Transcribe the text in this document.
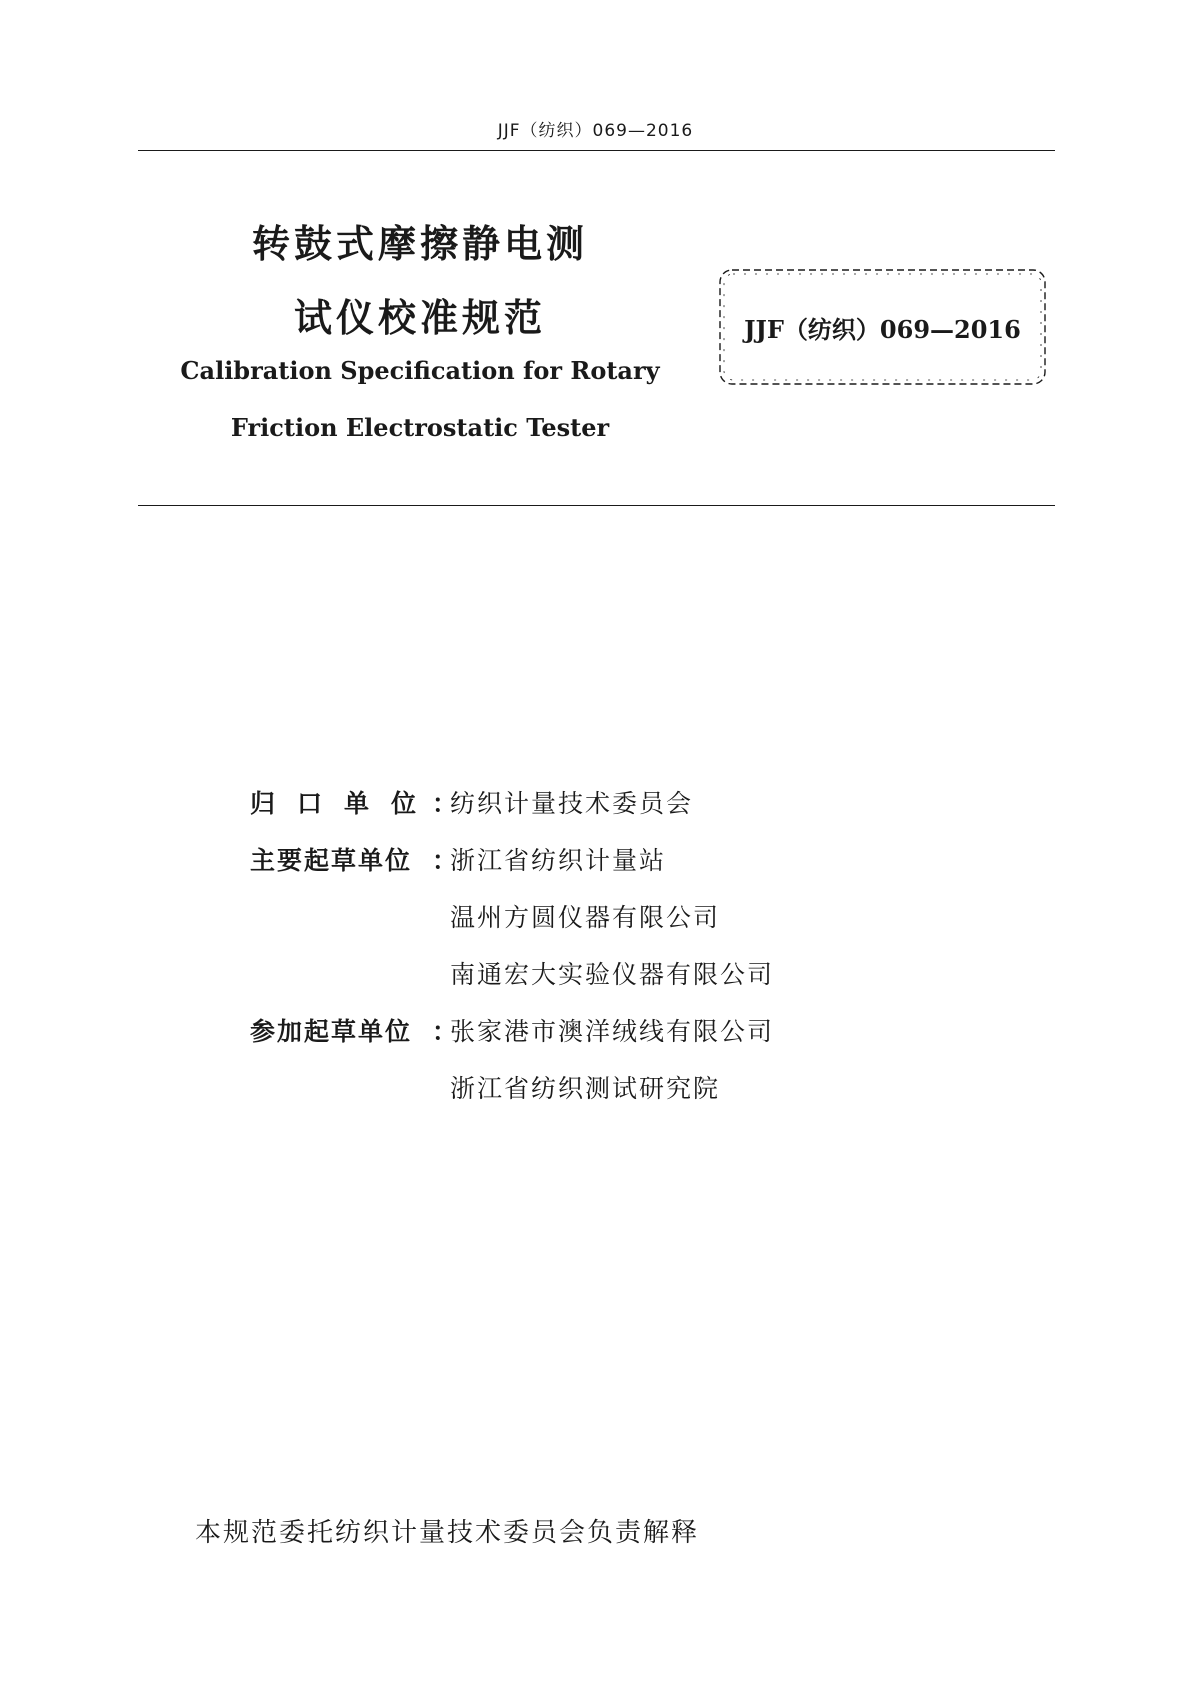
JJF（纺织）069—2016
转鼓式摩擦静电测
试仪校准规范
Calibration Specification for Rotary
Friction Electrostatic Tester
JJF（纺织）069—2016
归口单位
：
纺织计量技术委员会
主要起草单位 ：
浙江省纺织计量站
温州方圆仪器有限公司
南通宏大实验仪器有限公司
参加起草单位 ：
张家港市澳洋绒线有限公司
浙江省纺织测试研究院
本规范委托纺织计量技术委员会负责解释
